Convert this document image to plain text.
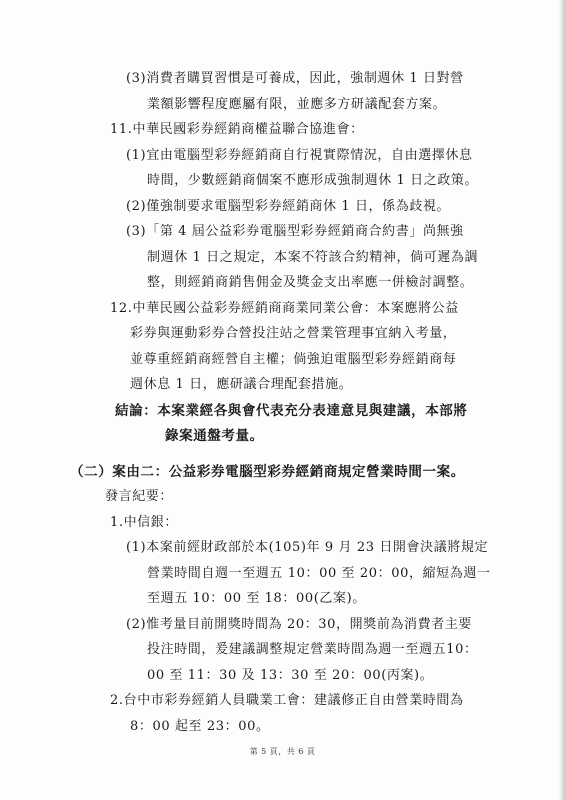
(3)消費者購買習慣是可養成，因此，強制週休 1 日對營
業額影響程度應屬有限，並應多方研議配套方案。
11.中華民國彩券經銷商權益聯合協進會：
(1)宜由電腦型彩券經銷商自行視實際情況，自由選擇休息
時間，少數經銷商個案不應形成強制週休 1 日之政策。
(2)僅強制要求電腦型彩券經銷商休 1 日，係為歧視。
(3)「第 4 屆公益彩券電腦型彩券經銷商合約書」尚無強
制週休 1 日之規定，本案不符該合約精神，倘可遲為調
整，則經銷商銷售佣金及獎金支出率應一併檢討調整。
12.中華民國公益彩券經銷商商業同業公會：本案應將公益
彩券與運動彩券合營投注站之營業管理事宜納入考量，
並尊重經銷商經營自主權；倘強迫電腦型彩券經銷商每
週休息 1 日，應研議合理配套措施。
結論：本案業經各與會代表充分表達意見與建議，本部將
錄案通盤考量。
（二）案由二：公益彩券電腦型彩券經銷商規定營業時間一案。
發言紀要：
1.中信銀：
(1)本案前經財政部於本(105)年 9 月 23 日開會決議將規定
營業時間自週一至週五 10：00 至 20：00，縮短為週一
至週五 10：00 至 18：00(乙案)。
(2)惟考量目前開獎時間為 20：30，開獎前為消費者主要
投注時間，爰建議調整規定營業時間為週一至週五10：
00 至 11：30 及 13：30 至 20：00(丙案)。
2.台中市彩券經銷人員職業工會：建議修正自由營業時間為
8：00 起至 23：00。
第 5 頁，共 6 頁
